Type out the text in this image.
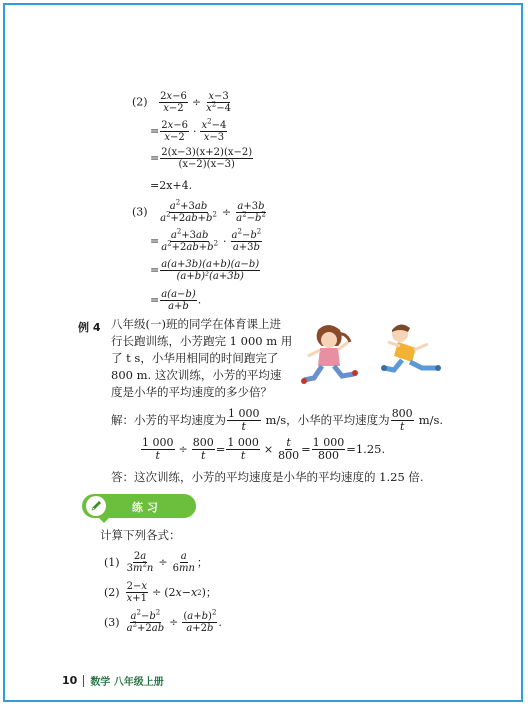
$(2) \frac{2x-6}{x-2} \div \frac{x-3}{x^2-4}$
= $\frac{2x-6}{x-2} \cdot \frac{x^2-4}{x-3}$
= $\frac{2(x-3)(x+2)(x-2)}{(x-2)(x-3)}$
=2x+4.
$(3) \frac{a^2+3ab}{a^2+2ab+b^2} \div \frac{a+3b}{a^2-b^2}$
= $\frac{a^2+3ab}{a^2+2ab+b^2} \cdot \frac{a^2-b^2}{a+3b}$
= $\frac{a(a+3b)(a+b)(a-b)}{\text{(a+b)²(a+3b)}}$
= $\frac{a(a-b)}{a+b}$ .
例 4 八年级(一)班的同学在体育课上进
行长跑训练，小芳跑完 1 000 m 用
了 t s，小华用相同的时间跑完了
800 m. 这次训练，小芳的平均速
度是小华的平均速度的多少倍？
解：小芳的平均速度为 $\frac{1 000}{t} m/s$，小华的平均速度为 $\frac{800}{t} m/s$.
$\frac{1 000}{t} \div \frac{800}{t} = \frac{1 000}{t} \times \frac{t}{800} = \frac{1 000}{800} =1.25$.
答：这次训练，小芳的平均速度是小华的平均速度的 1.25 倍.
练 习
计算下列各式：
$(1) \frac{2a}{3m^2n} \div \frac{a}{6mn}$ ；
$(2) \frac{2-x}{x+1} \div (2$ x − x 2 )；
$(3) \frac{a^2-b^2}{a^2+2ab} \div \frac{(a+b)^2}{a+2b}$ .
10 数学 八年级上册
